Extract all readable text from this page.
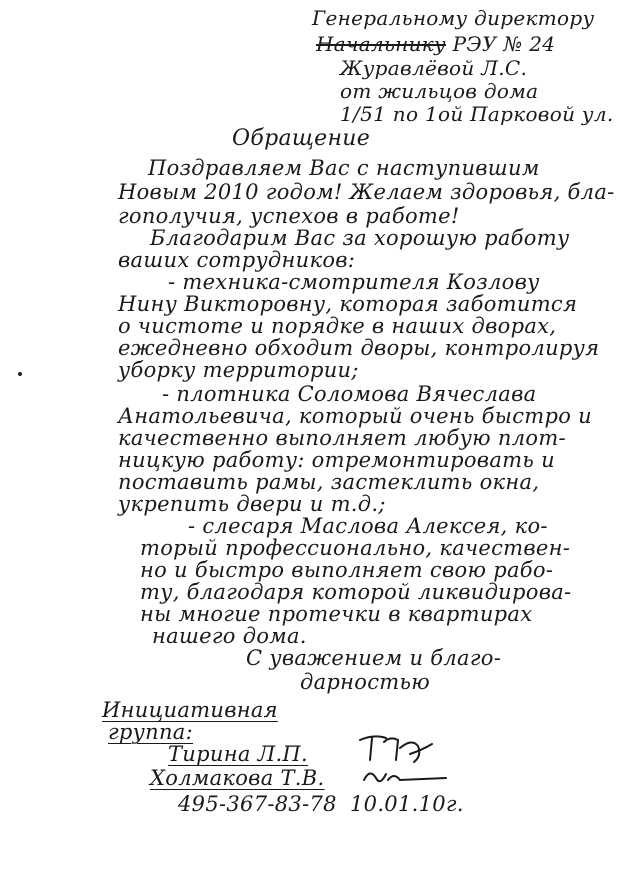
Генеральному директору
Начальнику РЭУ № 24
Журавлёвой Л.С.
от жильцов дома
1/51 по 1ой Парковой ул.
Обращение
Поздравляем Вас с наступившим
Новым 2010 годом! Желаем здоровья, бла-
гополучия, успехов в работе!
Благодарим Вас за хорошую работу
ваших сотрудников:
- техника-смотрителя Козлову
Нину Викторовну, которая заботится
о чистоте и порядке в наших дворах,
ежедневно обходит дворы, контролируя
уборку территории;
- плотника Соломова Вячеслава
Анатольевича, который очень быстро и
качественно выполняет любую плот-
ницкую работу: отремонтировать и
поставить рамы, застеклить окна,
укрепить двери и т.д.;
- слесаря Маслова Алексея, ко-
торый профессионально, качествен-
но и быстро выполняет свою рабо-
ту, благодаря которой ликвидирова-
ны многие протечки в квартирах
нашего дома.
С уважением и благо-
дарностью
Инициативная
группа:
Тирина Л.П.
Холмакова Т.В.
495-367-83-78 10.01.10г.
